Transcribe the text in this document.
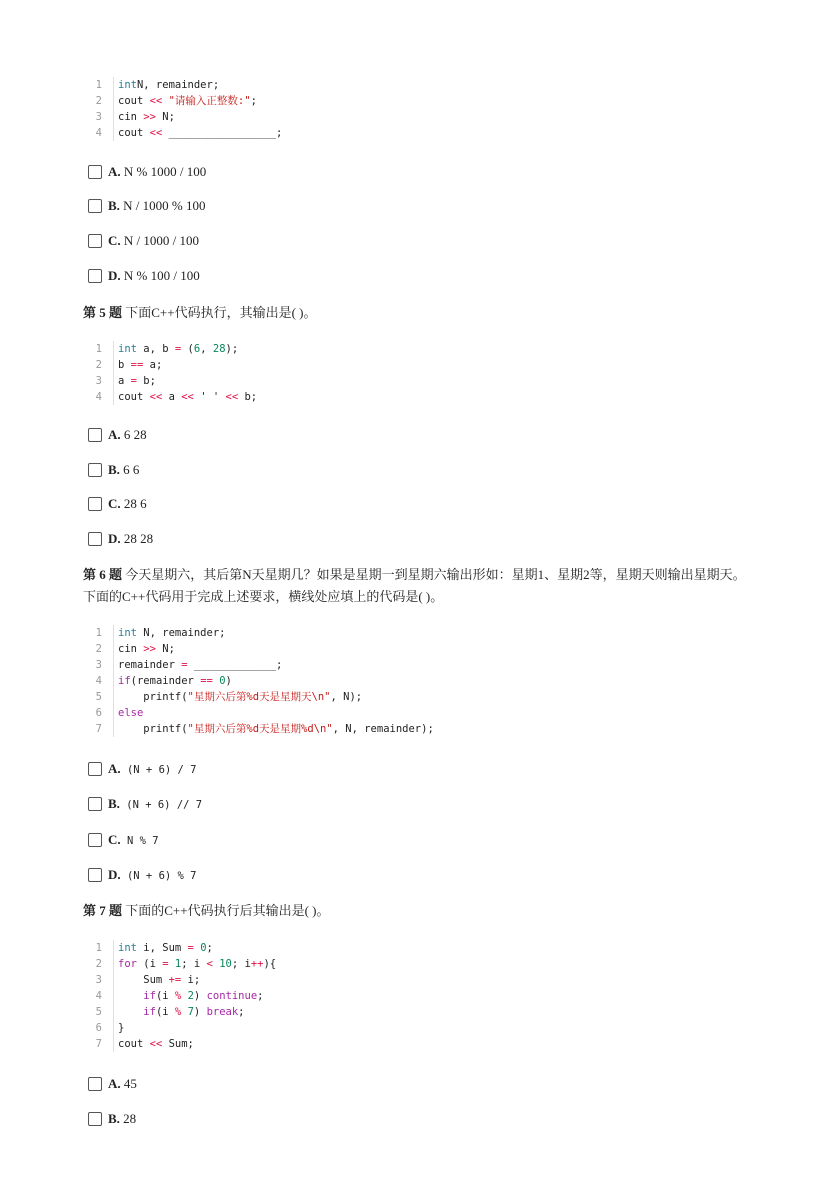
1 intN, remainder;
2 cout << "请输入正整数:";
3 cin >> N;
4 cout << _________________;
A. N % 1000 / 100
B. N / 1000 % 100
C. N / 1000 / 100
D. N % 100 / 100
第 5 题 下面C++代码执行，其输出是( )。
1 int a, b = (6, 28);
2 b == a;
3 a = b;
4 cout << a << ' ' << b;
A. 6 28
B. 6 6
C. 28 6
D. 28 28
第 6 题 今天星期六，其后第N天星期几？如果是星期一到星期六输出形如：星期1、星期2等，星期天则输出星期天。下面的C++代码用于完成上述要求，横线处应填上的代码是( )。
1 int N, remainder;
2 cin >> N;
3 remainder = _____________;
4 if(remainder == 0)
5 printf("星期六后第%d天是星期天\n", N);
6 else
7 printf("星期六后第%d天是星期%d\n", N, remainder);
A. (N + 6) / 7
B. (N + 6) // 7
C. N % 7
D. (N + 6) % 7
第 7 题 下面的C++代码执行后其输出是( )。
1 int i, Sum = 0;
2 for (i = 1; i < 10; i++){
3 Sum += i;
4	if(i % 2) continue;
5	if(i % 7) break;
6 }
7 cout << Sum;
A. 45
B. 28
